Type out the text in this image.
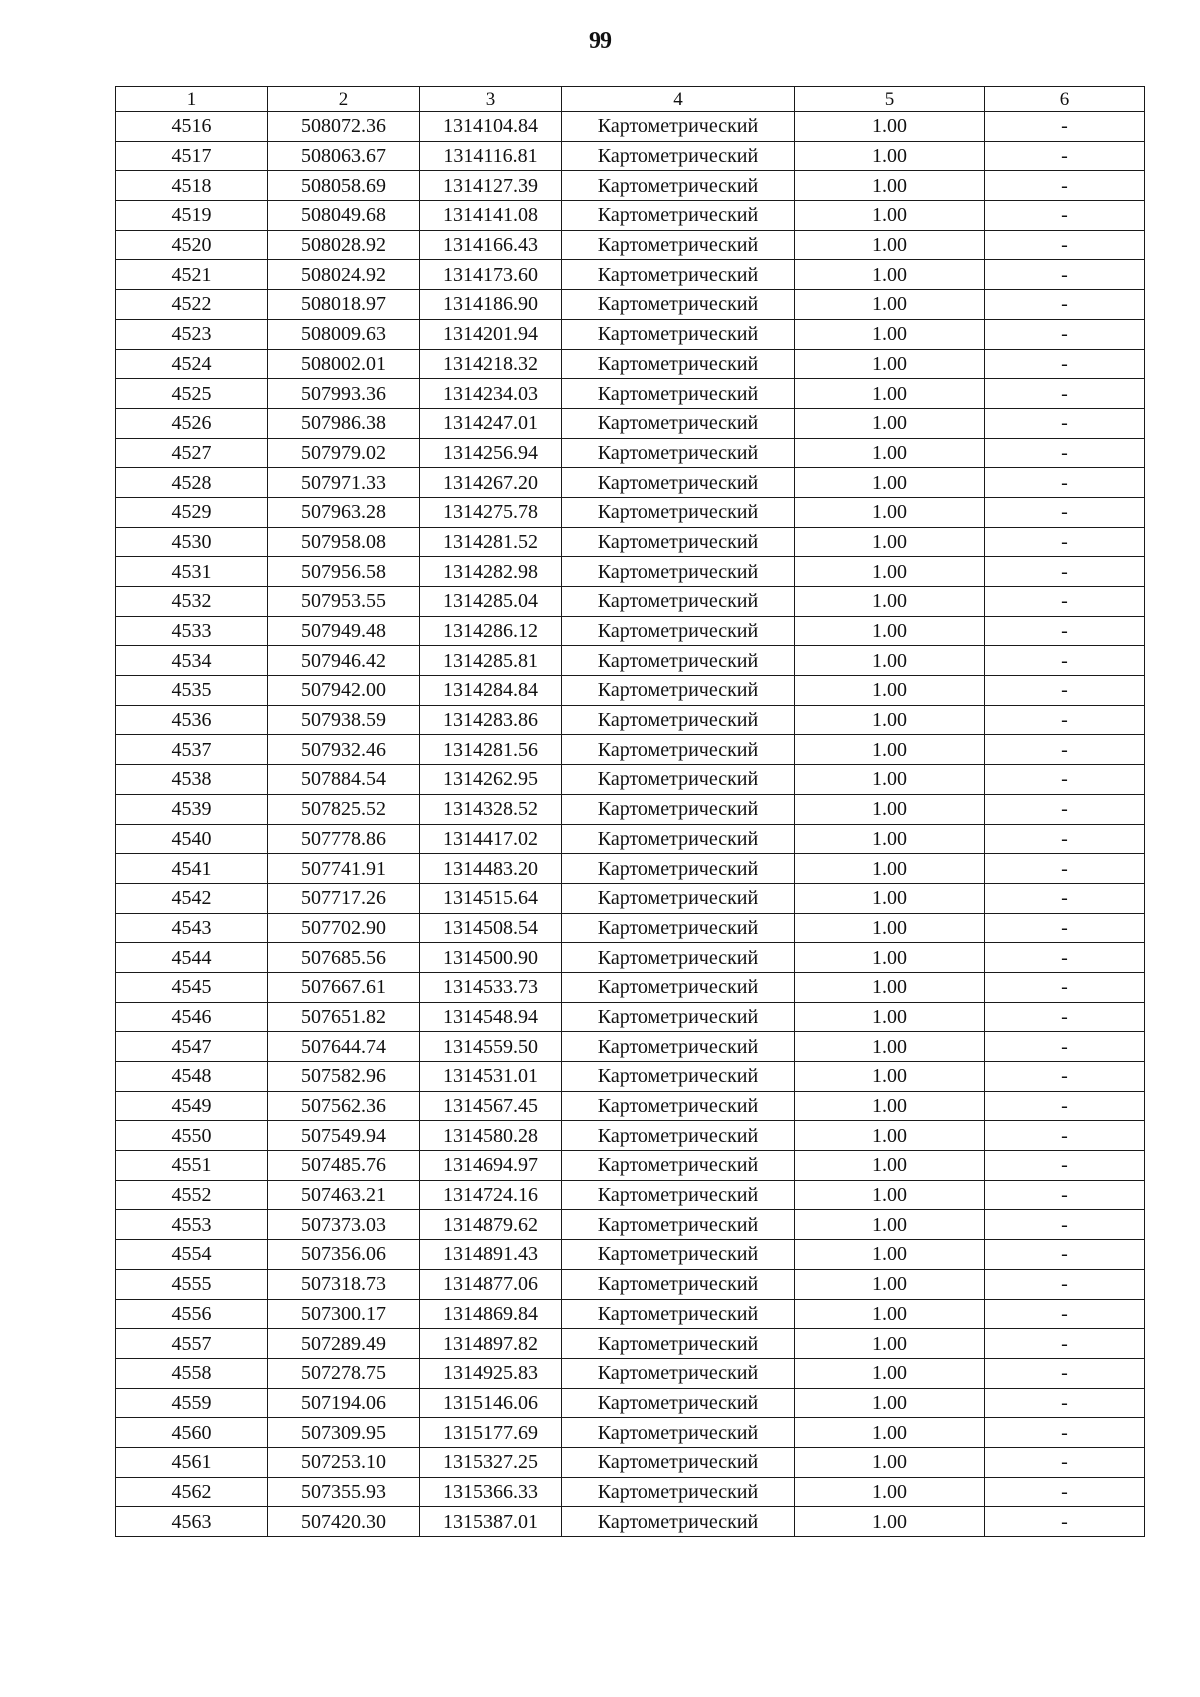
99
1	2	3	4	5	6
4516	508072.36	1314104.84	Картометрический	1.00	-
4517	508063.67	1314116.81	Картометрический	1.00	-
4518	508058.69	1314127.39	Картометрический	1.00	-
4519	508049.68	1314141.08	Картометрический	1.00	-
4520	508028.92	1314166.43	Картометрический	1.00	-
4521	508024.92	1314173.60	Картометрический	1.00	-
4522	508018.97	1314186.90	Картометрический	1.00	-
4523	508009.63	1314201.94	Картометрический	1.00	-
4524	508002.01	1314218.32	Картометрический	1.00	-
4525	507993.36	1314234.03	Картометрический	1.00	-
4526	507986.38	1314247.01	Картометрический	1.00	-
4527	507979.02	1314256.94	Картометрический	1.00	-
4528	507971.33	1314267.20	Картометрический	1.00	-
4529	507963.28	1314275.78	Картометрический	1.00	-
4530	507958.08	1314281.52	Картометрический	1.00	-
4531	507956.58	1314282.98	Картометрический	1.00	-
4532	507953.55	1314285.04	Картометрический	1.00	-
4533	507949.48	1314286.12	Картометрический	1.00	-
4534	507946.42	1314285.81	Картометрический	1.00	-
4535	507942.00	1314284.84	Картометрический	1.00	-
4536	507938.59	1314283.86	Картометрический	1.00	-
4537	507932.46	1314281.56	Картометрический	1.00	-
4538	507884.54	1314262.95	Картометрический	1.00	-
4539	507825.52	1314328.52	Картометрический	1.00	-
4540	507778.86	1314417.02	Картометрический	1.00	-
4541	507741.91	1314483.20	Картометрический	1.00	-
4542	507717.26	1314515.64	Картометрический	1.00	-
4543	507702.90	1314508.54	Картометрический	1.00	-
4544	507685.56	1314500.90	Картометрический	1.00	-
4545	507667.61	1314533.73	Картометрический	1.00	-
4546	507651.82	1314548.94	Картометрический	1.00	-
4547	507644.74	1314559.50	Картометрический	1.00	-
4548	507582.96	1314531.01	Картометрический	1.00	-
4549	507562.36	1314567.45	Картометрический	1.00	-
4550	507549.94	1314580.28	Картометрический	1.00	-
4551	507485.76	1314694.97	Картометрический	1.00	-
4552	507463.21	1314724.16	Картометрический	1.00	-
4553	507373.03	1314879.62	Картометрический	1.00	-
4554	507356.06	1314891.43	Картометрический	1.00	-
4555	507318.73	1314877.06	Картометрический	1.00	-
4556	507300.17	1314869.84	Картометрический	1.00	-
4557	507289.49	1314897.82	Картометрический	1.00	-
4558	507278.75	1314925.83	Картометрический	1.00	-
4559	507194.06	1315146.06	Картометрический	1.00	-
4560	507309.95	1315177.69	Картометрический	1.00	-
4561	507253.10	1315327.25	Картометрический	1.00	-
4562	507355.93	1315366.33	Картометрический	1.00	-
4563	507420.30	1315387.01	Картометрический	1.00	-
